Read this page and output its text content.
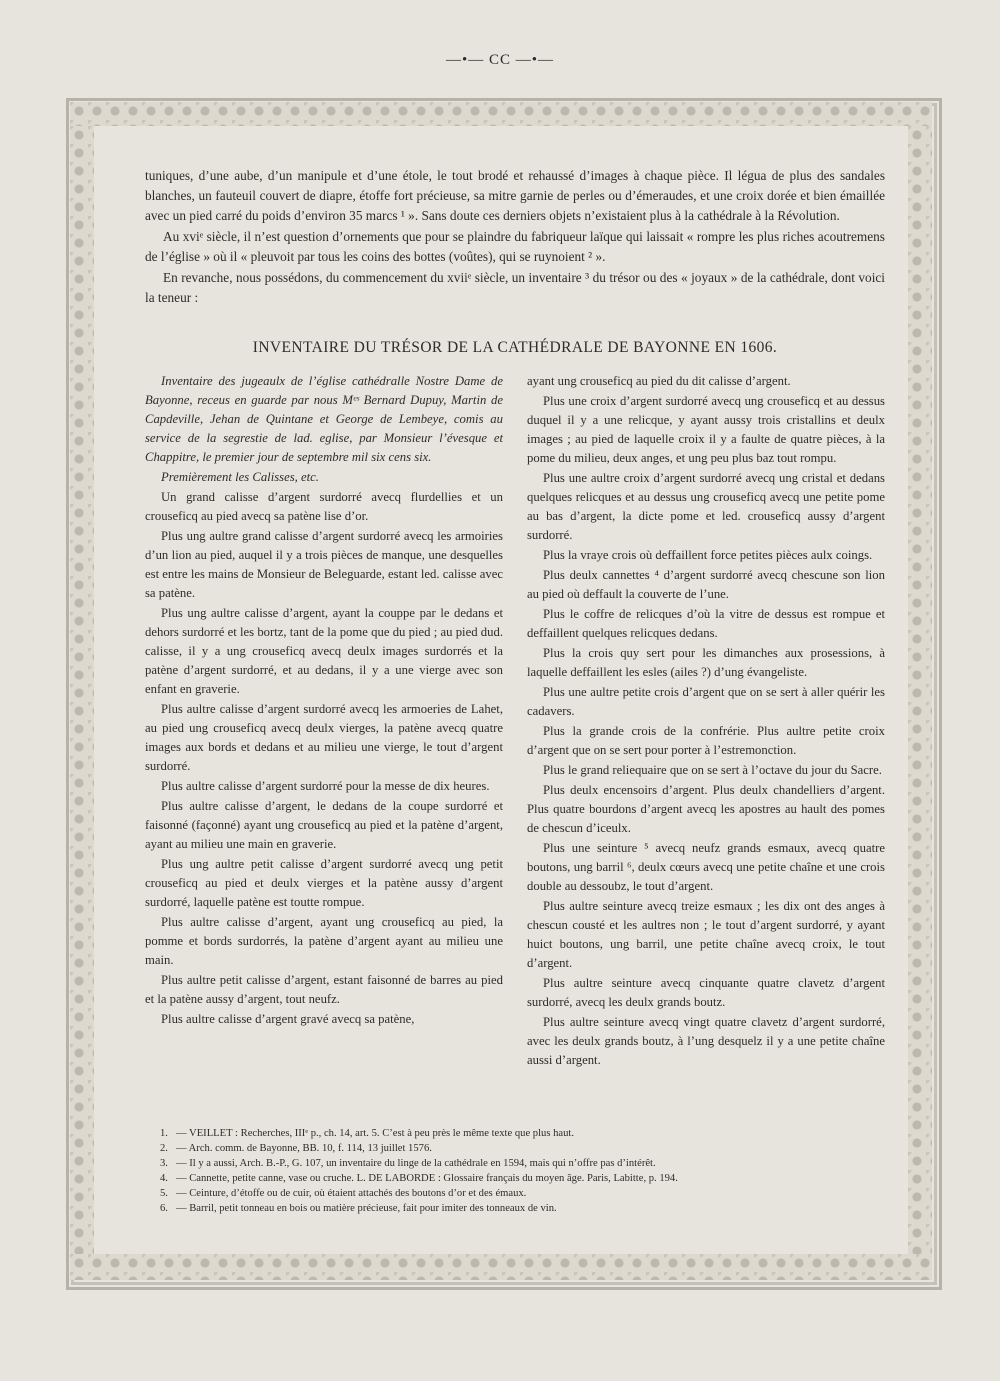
—•— CC —•—

tuniques, d’une aube, d’un manipule et d’une étole, le tout brodé et rehaussé d’images à chaque pièce. Il légua de plus des sandales blanches, un fauteuil couvert de diapre, étoffe fort précieuse, sa mitre garnie de perles ou d’émeraudes, et une croix dorée et bien émaillée avec un pied carré du poids d’environ 35 marcs ¹ ». Sans doute ces derniers objets n’existaient plus à la cathédrale à la Révolution.

Au xviᵉ siècle, il n’est question d’ornements que pour se plaindre du fabriqueur laïque qui laissait « rompre les plus riches acoutremens de l’église » où il « pleuvoit par tous les coins des bottes (voûtes), qui se ruynoient ² ».

En revanche, nous possédons, du commencement du xviiᵉ siècle, un inventaire ³ du trésor ou des « joyaux » de la cathédrale, dont voici la teneur :

INVENTAIRE DU TRÉSOR DE LA CATHÉDRALE DE BAYONNE EN 1606.

Inventaire des jugeaulx de l’église cathédralle Nostre Dame de Bayonne, receus en guarde par nous Mᵉˢ Bernard Dupuy, Martin de Capdeville, Jehan de Quintane et George de Lembeye, comis au service de la segrestie de lad. eglise, par Monsieur l’évesque et Chappitre, le premier jour de septembre mil six cens six.

Premièrement les Calisses, etc.

Un grand calisse d’argent surdorré avecq flurdellies et un crouseficq au pied avecq sa patène lise d’or.

Plus ung aultre grand calisse d’argent surdorré avecq les armoiries d’un lion au pied, auquel il y a trois pièces de manque, une desquelles est entre les mains de Monsieur de Beleguarde, estant led. calisse avec sa patène.

Plus ung aultre calisse d’argent, ayant la couppe par le dedans et dehors surdorré et les bortz, tant de la pome que du pied ; au pied dud. calisse, il y a ung crouseficq avecq deulx images surdorrés et la patène d’argent surdorré, et au dedans, il y a une vierge avec son enfant en graverie.

Plus aultre calisse d’argent surdorré avecq les armoeries de Lahet, au pied ung crouseficq avecq deulx vierges, la patène avecq quatre images aux bords et dedans et au milieu une vierge, le tout d’argent surdorré.

Plus aultre calisse d’argent surdorré pour la messe de dix heures.

Plus aultre calisse d’argent, le dedans de la coupe surdorré et faisonné (façonné) ayant ung crouseficq au pied et la patène d’argent, ayant au milieu une main en graverie.

Plus ung aultre petit calisse d’argent surdorré avecq ung petit crouseficq au pied et deulx vierges et la patène aussy d’argent surdorré, laquelle patène est toutte rompue.

Plus aultre calisse d’argent, ayant ung crouseficq au pied, la pomme et bords surdorrés, la patène d’argent ayant au milieu une main.

Plus aultre petit calisse d’argent, estant faisonné de barres au pied et la patène aussy d’argent, tout neufz.

Plus aultre calisse d’argent gravé avecq sa patène,

ayant ung crouseficq au pied du dit calisse d’argent.

Plus une croix d’argent surdorré avecq ung crouseficq et au dessus duquel il y a une relicque, y ayant aussy trois cristallins et deulx images ; au pied de laquelle croix il y a faulte de quatre pièces, à la pome du milieu, deux anges, et ung peu plus baz tout rompu.

Plus une aultre croix d’argent surdorré avecq ung cristal et dedans quelques relicques et au dessus ung crouseficq avecq une petite pome au bas d’argent, la dicte pome et led. crouseficq aussy d’argent surdorré.

Plus la vraye crois où deffaillent force petites pièces aulx coings.

Plus deulx cannettes ⁴ d’argent surdorré avecq chescune son lion au pied où deffault la couverte de l’une.

Plus le coffre de relicques d’où la vitre de dessus est rompue et deffaillent quelques relicques dedans.

Plus la crois quy sert pour les dimanches aux prosessions, à laquelle deffaillent les esles (ailes ?) d’ung évangeliste.

Plus une aultre petite crois d’argent que on se sert à aller quérir les cadavers.

Plus la grande crois de la confrérie. Plus aultre petite croix d’argent que on se sert pour porter à l’estremonction.

Plus le grand reliequaire que on se sert à l’octave du jour du Sacre.

Plus deulx encensoirs d’argent. Plus deulx chandelliers d’argent. Plus quatre bourdons d’argent avecq les apostres au hault des pomes de chescun d’iceulx.

Plus une seinture ⁵ avecq neufz grands esmaux, avecq quatre boutons, ung barril ⁶, deulx cœurs avecq une petite chaîne et une crois double au dessoubz, le tout d’argent.

Plus aultre seinture avecq treize esmaux ; les dix ont des anges à chescun cousté et les aultres non ; le tout d’argent surdorré, y ayant huict boutons, ung barril, une petite chaîne avecq croix, le tout d’argent.

Plus aultre seinture avecq cinquante quatre clavetz d’argent surdorré, avecq les deulx grands boutz.

Plus aultre seinture avecq vingt quatre clavetz d’argent surdorré, avec les deulx grands boutz, à l’ung desquelz il y a une petite chaîne aussi d’argent.

1. — VEILLET : Recherches, IIIᵉ p., ch. 14, art. 5. C’est à peu près le même texte que plus haut.
2. — Arch. comm. de Bayonne, BB. 10, f. 114, 13 juillet 1576.
3. — Il y a aussi, Arch. B.-P., G. 107, un inventaire du linge de la cathédrale en 1594, mais qui n’offre pas d’intérêt.
4. — Cannette, petite canne, vase ou cruche. L. DE LABORDE : Glossaire français du moyen âge. Paris, Labitte, p. 194.
5. — Ceinture, d’étoffe ou de cuir, où étaient attachés des boutons d’or et des émaux.
6. — Barril, petit tonneau en bois ou matière précieuse, fait pour imiter des tonneaux de vin.
